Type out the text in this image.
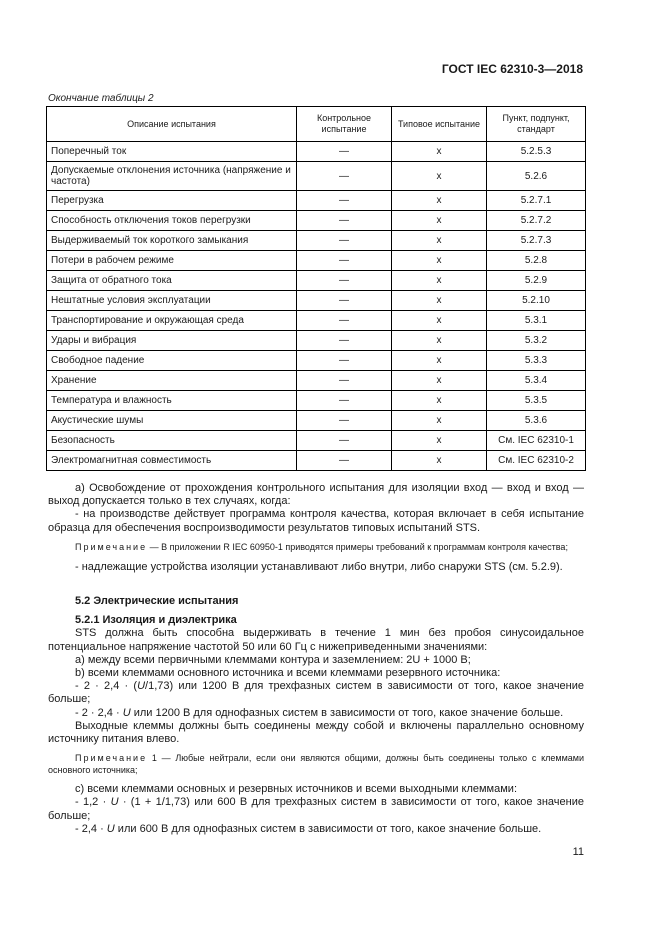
ГОСТ IEC 62310-3—2018
Окончание таблицы 2
Описание испытания	Контрольное испытание	Типовое испытание	Пункт, подпункт, стандарт
Поперечный ток	—	x	5.2.5.3
Допускаемые отклонения источника (напряжение и частота)	—	x	5.2.6
Перегрузка	—	x	5.2.7.1
Способность отключения токов перегрузки	—	x	5.2.7.2
Выдерживаемый ток короткого замыкания	—	x	5.2.7.3
Потери в рабочем режиме	—	x	5.2.8
Защита от обратного тока	—	x	5.2.9
Нештатные условия эксплуатации	—	x	5.2.10
Транспортирование и окружающая среда	—	x	5.3.1
Удары и вибрация	—	x	5.3.2
Свободное падение	—	x	5.3.3
Хранение	—	x	5.3.4
Температура и влажность	—	x	5.3.5
Акустические шумы	—	x	5.3.6
Безопасность	—	x	См. IEC 62310-1
Электромагнитная совместимость	—	x	См. IEC 62310-2

a) Освобождение от прохождения контрольного испытания для изоляции вход — вход и вход — выход допускается только в тех случаях, когда:

- на производстве действует программа контроля качества, которая включает в себя испытание образца для обеспечения воспроизводимости результатов типовых испытаний STS.

Примечание — В приложении R IEC 60950-1 приводятся примеры требований к программам контроля качества;

- надлежащие устройства изоляции устанавливают либо внутри, либо снаружи STS (см. 5.2.9).

5.2 Электрические испытания

5.2.1 Изоляция и диэлектрика

STS должна быть способна выдерживать в течение 1 мин без пробоя синусоидальное потенциальное напряжение частотой 50 или 60 Гц с нижеприведенными значениями:

а) между всеми первичными клеммами контура и заземлением: 2U + 1000 В;

b) всеми клеммами основного источника и всеми клеммами резервного источника:

- 2 · 2,4 · (U/1,73) или 1200 В для трехфазных систем в зависимости от того, какое значение больше;

- 2 · 2,4 · U или 1200 В для однофазных систем в зависимости от того, какое значение больше.

Выходные клеммы должны быть соединены между собой и включены параллельно основному источнику питания влево.

Примечание 1 — Любые нейтрали, если они являются общими, должны быть соединены только с клеммами основного источника;

с) всеми клеммами основных и резервных источников и всеми выходными клеммами:

- 1,2 · U · (1 + 1/1,73) или 600 В для трехфазных систем в зависимости от того, какое значение больше;

- 2,4 · U или 600 В для однофазных систем в зависимости от того, какое значение больше.

11
